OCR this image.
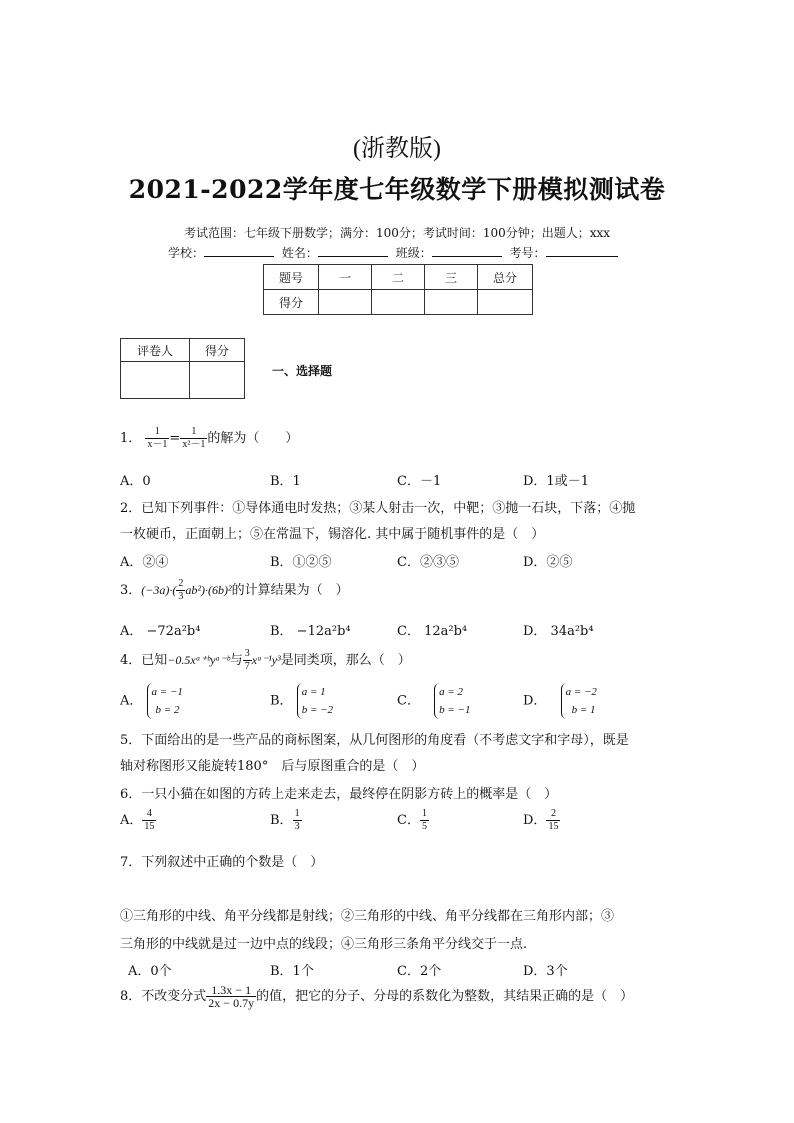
(浙教版)
2021-2022学年度七年级数学下册模拟测试卷
考试范围：七年级下册数学；满分：100分；考试时间：100分钟；出题人；xxx
学校：	姓名：	班级：	考号：
题号	一	二	三	总分
得分				
评卷人	得分

一、选择题
1． $\frac{1}{x-1} = \frac{1}{\text{x²－1}}$ 的解为（　　）
A．0	B．1	C．－1	D．1或－1
2．已知下列事件：①导体通电时发热；③某人射击一次，中靶；③抛一石块，下落；④抛
一枚硬币，正面朝上；⑤在常温下，锡溶化. 其中属于随机事件的是（　）
A．②④	B．①②⑤	C．②③⑤	D．②⑤
3．$(-3a)\cdot( \frac{2}{3} ab^2)\cdot(6b)^2$的计算结果为（　）
A． −72a²b⁴	B． −12a²b⁴	C． 12a²b⁴	D． 34a²b⁴
4．已知−0.5xᵃ⁺ᵇyᵃ⁻ᵇ与 $\frac{3}{7}$ xᵃ⁻¹y³是同类项，那么（　）
A．
a = −1
b = 2
B．
a = 1
b = −2
C．
a = 2
b = −1
D．
a = −2
b = 1
5．下面给出的是一些产品的商标图案，从几何图形的角度看（不考虑文字和字母），既是
轴对称图形又能旋转180°　后与原图重合的是（　）
6．一只小猫在如图的方砖上走来走去，最终停在阴影方砖上的概率是（　）
A． $\frac{4}{15}$	B． $\frac{1}{3}$	C． $\frac{1}{5}$	D． $\frac{2}{15}$
7．下列叙述中正确的个数是（　）
①三角形的中线、角平分线都是射线；②三角形的中线、角平分线都在三角形内部；③
三角形的中线就是过一边中点的线段；④三角形三条角平分线交于一点.
A．0个	B．1个	C．2个	D．3个
8．不改变分式 $\frac{1.3x - 1}{2x - 0.7y}$ 的值，把它的分子、分母的系数化为整数，其结果正确的是（　）
